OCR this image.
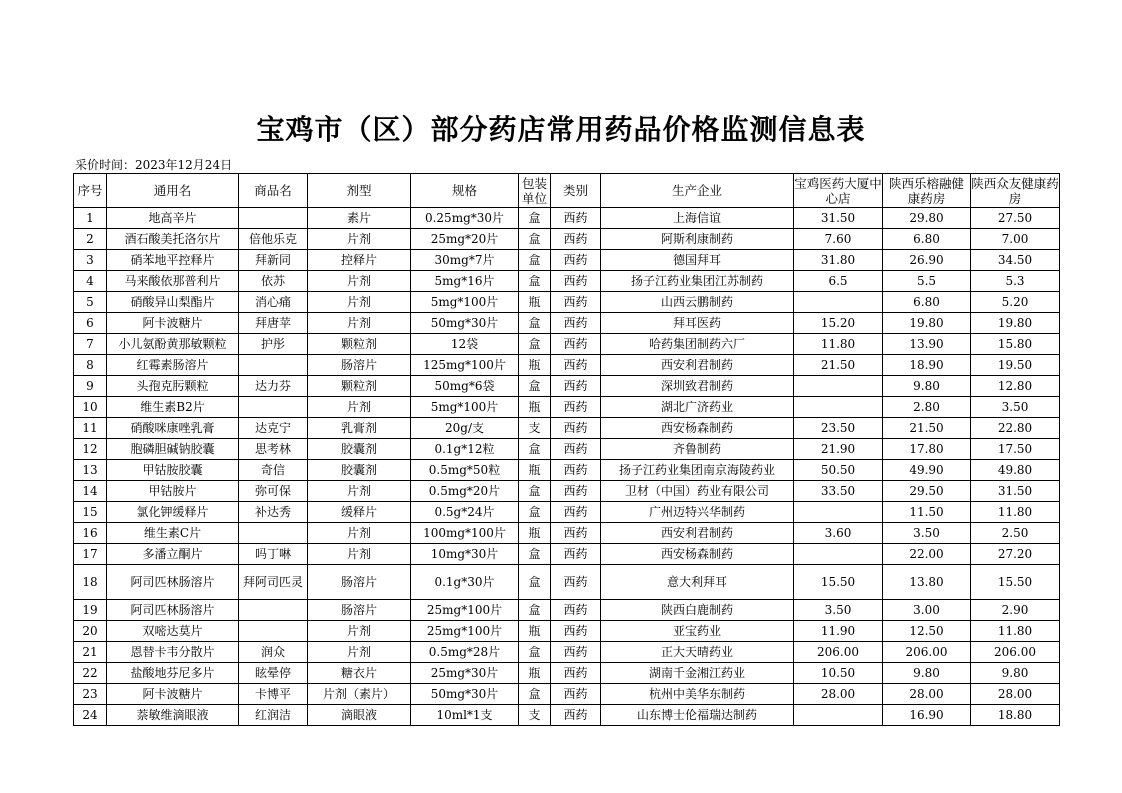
宝鸡市（区）部分药店常用药品价格监测信息表
采价时间：2023年12月24日
序号	通用名	商品名	剂型	规格	包装单位	类别	生产企业	宝鸡医药大厦中心店	陕西乐榕融健康药房	陕西众友健康药房
1	地高辛片		素片	0.25mg*30片	盒	西药	上海信谊	31.50	29.80	27.50
2	酒石酸美托洛尔片	倍他乐克	片剂	25mg*20片	盒	西药	阿斯利康制药	7.60	6.80	7.00
3	硝苯地平控释片	拜新同	控释片	30mg*7片	盒	西药	德国拜耳	31.80	26.90	34.50
4	马来酸依那普利片	依苏	片剂	5mg*16片	盒	西药	扬子江药业集团江苏制药	6.5	5.5	5.3
5	硝酸异山梨酯片	消心痛	片剂	5mg*100片	瓶	西药	山西云鹏制药		6.80	5.20
6	阿卡波糖片	拜唐苹	片剂	50mg*30片	盒	西药	拜耳医药	15.20	19.80	19.80
7	小儿氨酚黄那敏颗粒	护彤	颗粒剂	12袋	盒	西药	哈药集团制药六厂	11.80	13.90	15.80
8	红霉素肠溶片		肠溶片	125mg*100片	瓶	西药	西安利君制药	21.50	18.90	19.50
9	头孢克肟颗粒	达力芬	颗粒剂	50mg*6袋	盒	西药	深圳致君制药		9.80	12.80
10	维生素B2片		片剂	5mg*100片	瓶	西药	湖北广济药业		2.80	3.50
11	硝酸咪康唑乳膏	达克宁	乳膏剂	20g/支	支	西药	西安杨森制药	23.50	21.50	22.80
12	胞磷胆碱钠胶囊	思考林	胶囊剂	0.1g*12粒	盒	西药	齐鲁制药	21.90	17.80	17.50
13	甲钴胺胶囊	奇信	胶囊剂	0.5mg*50粒	瓶	西药	扬子江药业集团南京海陵药业	50.50	49.90	49.80
14	甲钴胺片	弥可保	片剂	0.5mg*20片	盒	西药	卫材（中国）药业有限公司	33.50	29.50	31.50
15	氯化钾缓释片	补达秀	缓释片	0.5g*24片	盒	西药	广州迈特兴华制药		11.50	11.80
16	维生素C片		片剂	100mg*100片	瓶	西药	西安利君制药	3.60	3.50	2.50
17	多潘立酮片	吗丁啉	片剂	10mg*30片	盒	西药	西安杨森制药		22.00	27.20
18	阿司匹林肠溶片	拜阿司匹灵	肠溶片	0.1g*30片	盒	西药	意大利拜耳	15.50	13.80	15.50
19	阿司匹林肠溶片		肠溶片	25mg*100片	盒	西药	陕西白鹿制药	3.50	3.00	2.90
20	双嘧达莫片		片剂	25mg*100片	瓶	西药	亚宝药业	11.90	12.50	11.80
21	恩替卡韦分散片	润众	片剂	0.5mg*28片	盒	西药	正大天晴药业	206.00	206.00	206.00
22	盐酸地芬尼多片	眩晕停	糖衣片	25mg*30片	瓶	西药	湖南千金湘江药业	10.50	9.80	9.80
23	阿卡波糖片	卡博平	片剂（素片）	50mg*30片	盒	西药	杭州中美华东制药	28.00	28.00	28.00
24	萘敏维滴眼液	红润洁	滴眼液	10ml*1支	支	西药	山东博士伦福瑞达制药		16.90	18.80
